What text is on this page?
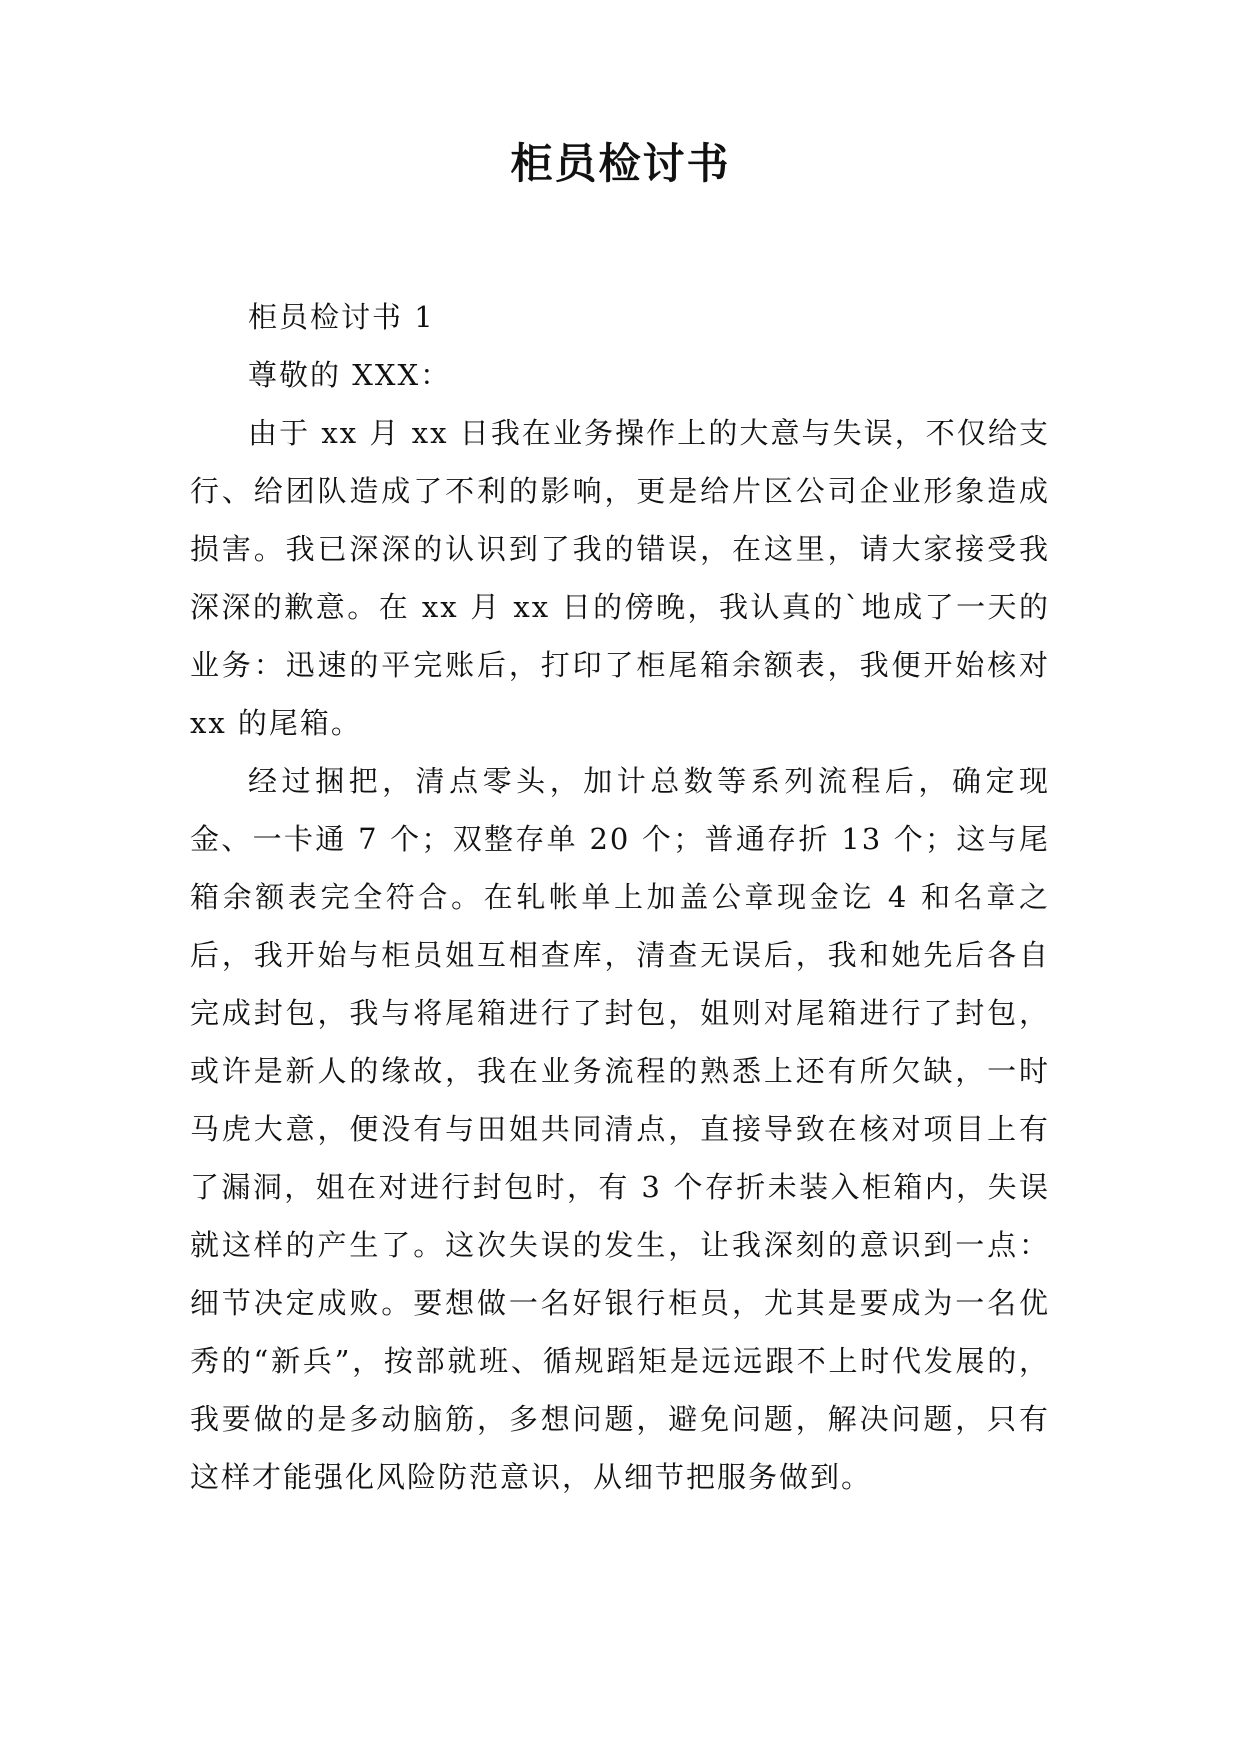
柜员检讨书

柜员检讨书 1

尊敬的 XXX：

由于 xx 月 xx 日我在业务操作上的大意与失误，不仅给支行、给团队造成了不利的影响，更是给片区公司企业形象造成损害。我已深深的认识到了我的错误，在这里，请大家接受我深深的歉意。在 xx 月 xx 日的傍晚，我认真的`地成了一天的业务：迅速的平完账后，打印了柜尾箱余额表，我便开始核对 xx 的尾箱。

经过捆把，清点零头，加计总数等系列流程后，确定现金、一卡通 7 个；双整存单 20 个；普通存折 13 个；这与尾箱余额表完全符合。在轧帐单上加盖公章现金讫 4 和名章之后，我开始与柜员姐互相查库，清查无误后，我和她先后各自完成封包，我与将尾箱进行了封包，姐则对尾箱进行了封包，或许是新人的缘故，我在业务流程的熟悉上还有所欠缺，一时马虎大意，便没有与田姐共同清点，直接导致在核对项目上有了漏洞，姐在对进行封包时，有 3 个存折未装入柜箱内，失误就这样的产生了。这次失误的发生，让我深刻的意识到一点：细节决定成败。要想做一名好银行柜员，尤其是要成为一名优秀的“新兵”，按部就班、循规蹈矩是远远跟不上时代发展的，我要做的是多动脑筋，多想问题，避免问题，解决问题，只有这样才能强化风险防范意识，从细节把服务做到。
